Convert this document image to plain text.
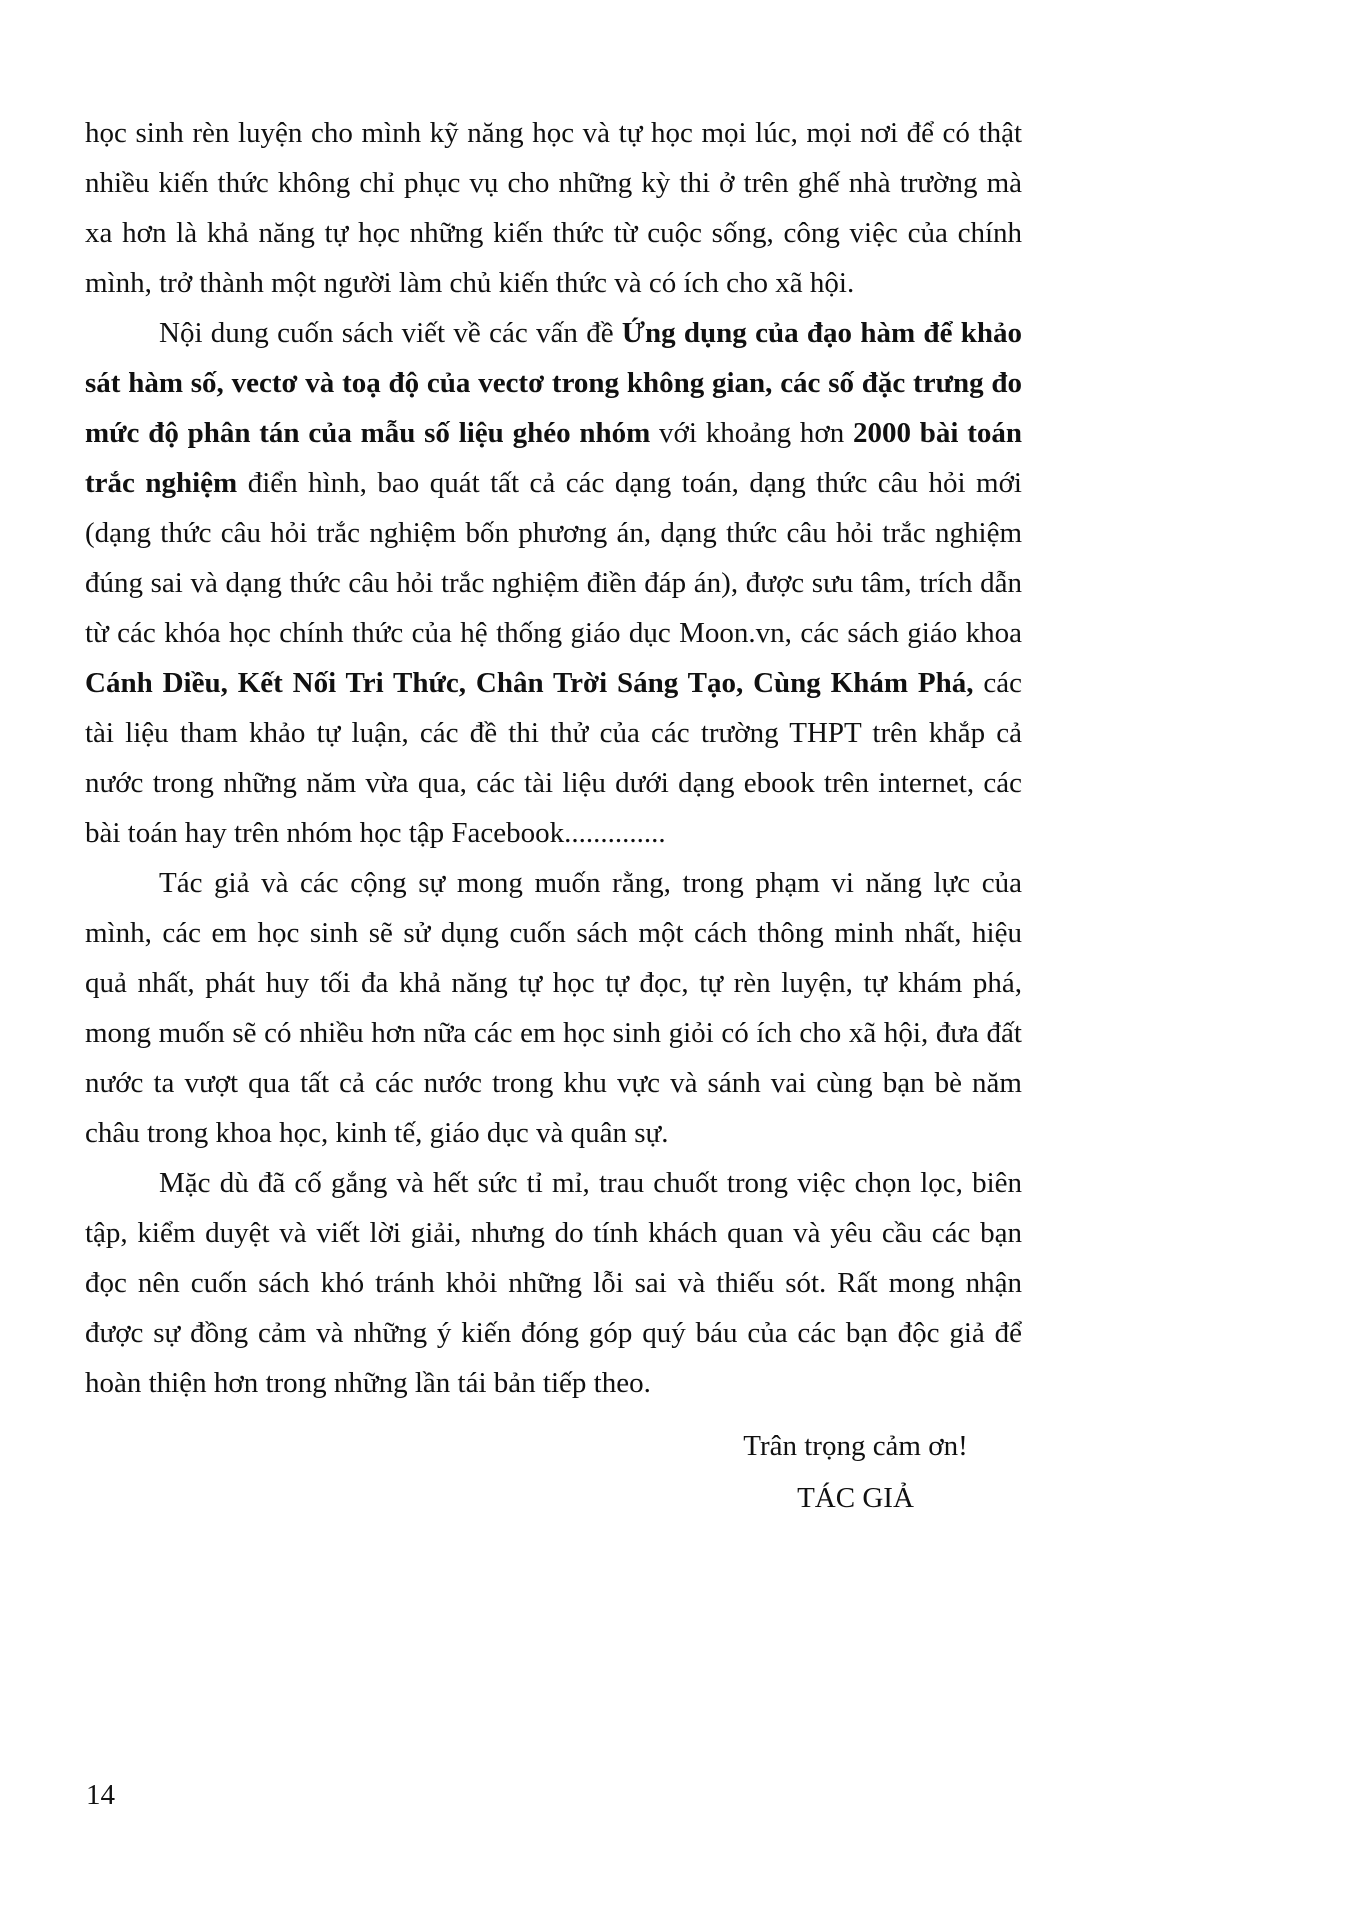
học sinh rèn luyện cho mình kỹ năng học và tự học mọi lúc, mọi nơi để có thật nhiều kiến thức không chỉ phục vụ cho những kỳ thi ở trên ghế nhà trường mà xa hơn là khả năng tự học những kiến thức từ cuộc sống, công việc của chính mình, trở thành một người làm chủ kiến thức và có ích cho xã hội.

Nội dung cuốn sách viết về các vấn đề Ứng dụng của đạo hàm để khảo sát hàm số, vectơ và toạ độ của vectơ trong không gian, các số đặc trưng đo mức độ phân tán của mẫu số liệu ghéo nhóm với khoảng hơn 2000 bài toán trắc nghiệm điển hình, bao quát tất cả các dạng toán, dạng thức câu hỏi mới (dạng thức câu hỏi trắc nghiệm bốn phương án, dạng thức câu hỏi trắc nghiệm đúng sai và dạng thức câu hỏi trắc nghiệm điền đáp án), được sưu tâm, trích dẫn từ các khóa học chính thức của hệ thống giáo dục Moon.vn, các sách giáo khoa Cánh Diều, Kết Nối Tri Thức, Chân Trời Sáng Tạo, Cùng Khám Phá, các tài liệu tham khảo tự luận, các đề thi thử của các trường THPT trên khắp cả nước trong những năm vừa qua, các tài liệu dưới dạng ebook trên internet, các bài toán hay trên nhóm học tập Facebook..............

Tác giả và các cộng sự mong muốn rằng, trong phạm vi năng lực của mình, các em học sinh sẽ sử dụng cuốn sách một cách thông minh nhất, hiệu quả nhất, phát huy tối đa khả năng tự học tự đọc, tự rèn luyện, tự khám phá, mong muốn sẽ có nhiều hơn nữa các em học sinh giỏi có ích cho xã hội, đưa đất nước ta vượt qua tất cả các nước trong khu vực và sánh vai cùng bạn bè năm châu trong khoa học, kinh tế, giáo dục và quân sự.

Mặc dù đã cố gắng và hết sức tỉ mỉ, trau chuốt trong việc chọn lọc, biên tập, kiểm duyệt và viết lời giải, nhưng do tính khách quan và yêu cầu các bạn đọc nên cuốn sách khó tránh khỏi những lỗi sai và thiếu sót. Rất mong nhận được sự đồng cảm và những ý kiến đóng góp quý báu của các bạn độc giả để hoàn thiện hơn trong những lần tái bản tiếp theo.

Trân trọng cảm ơn!
TÁC GIẢ
14
